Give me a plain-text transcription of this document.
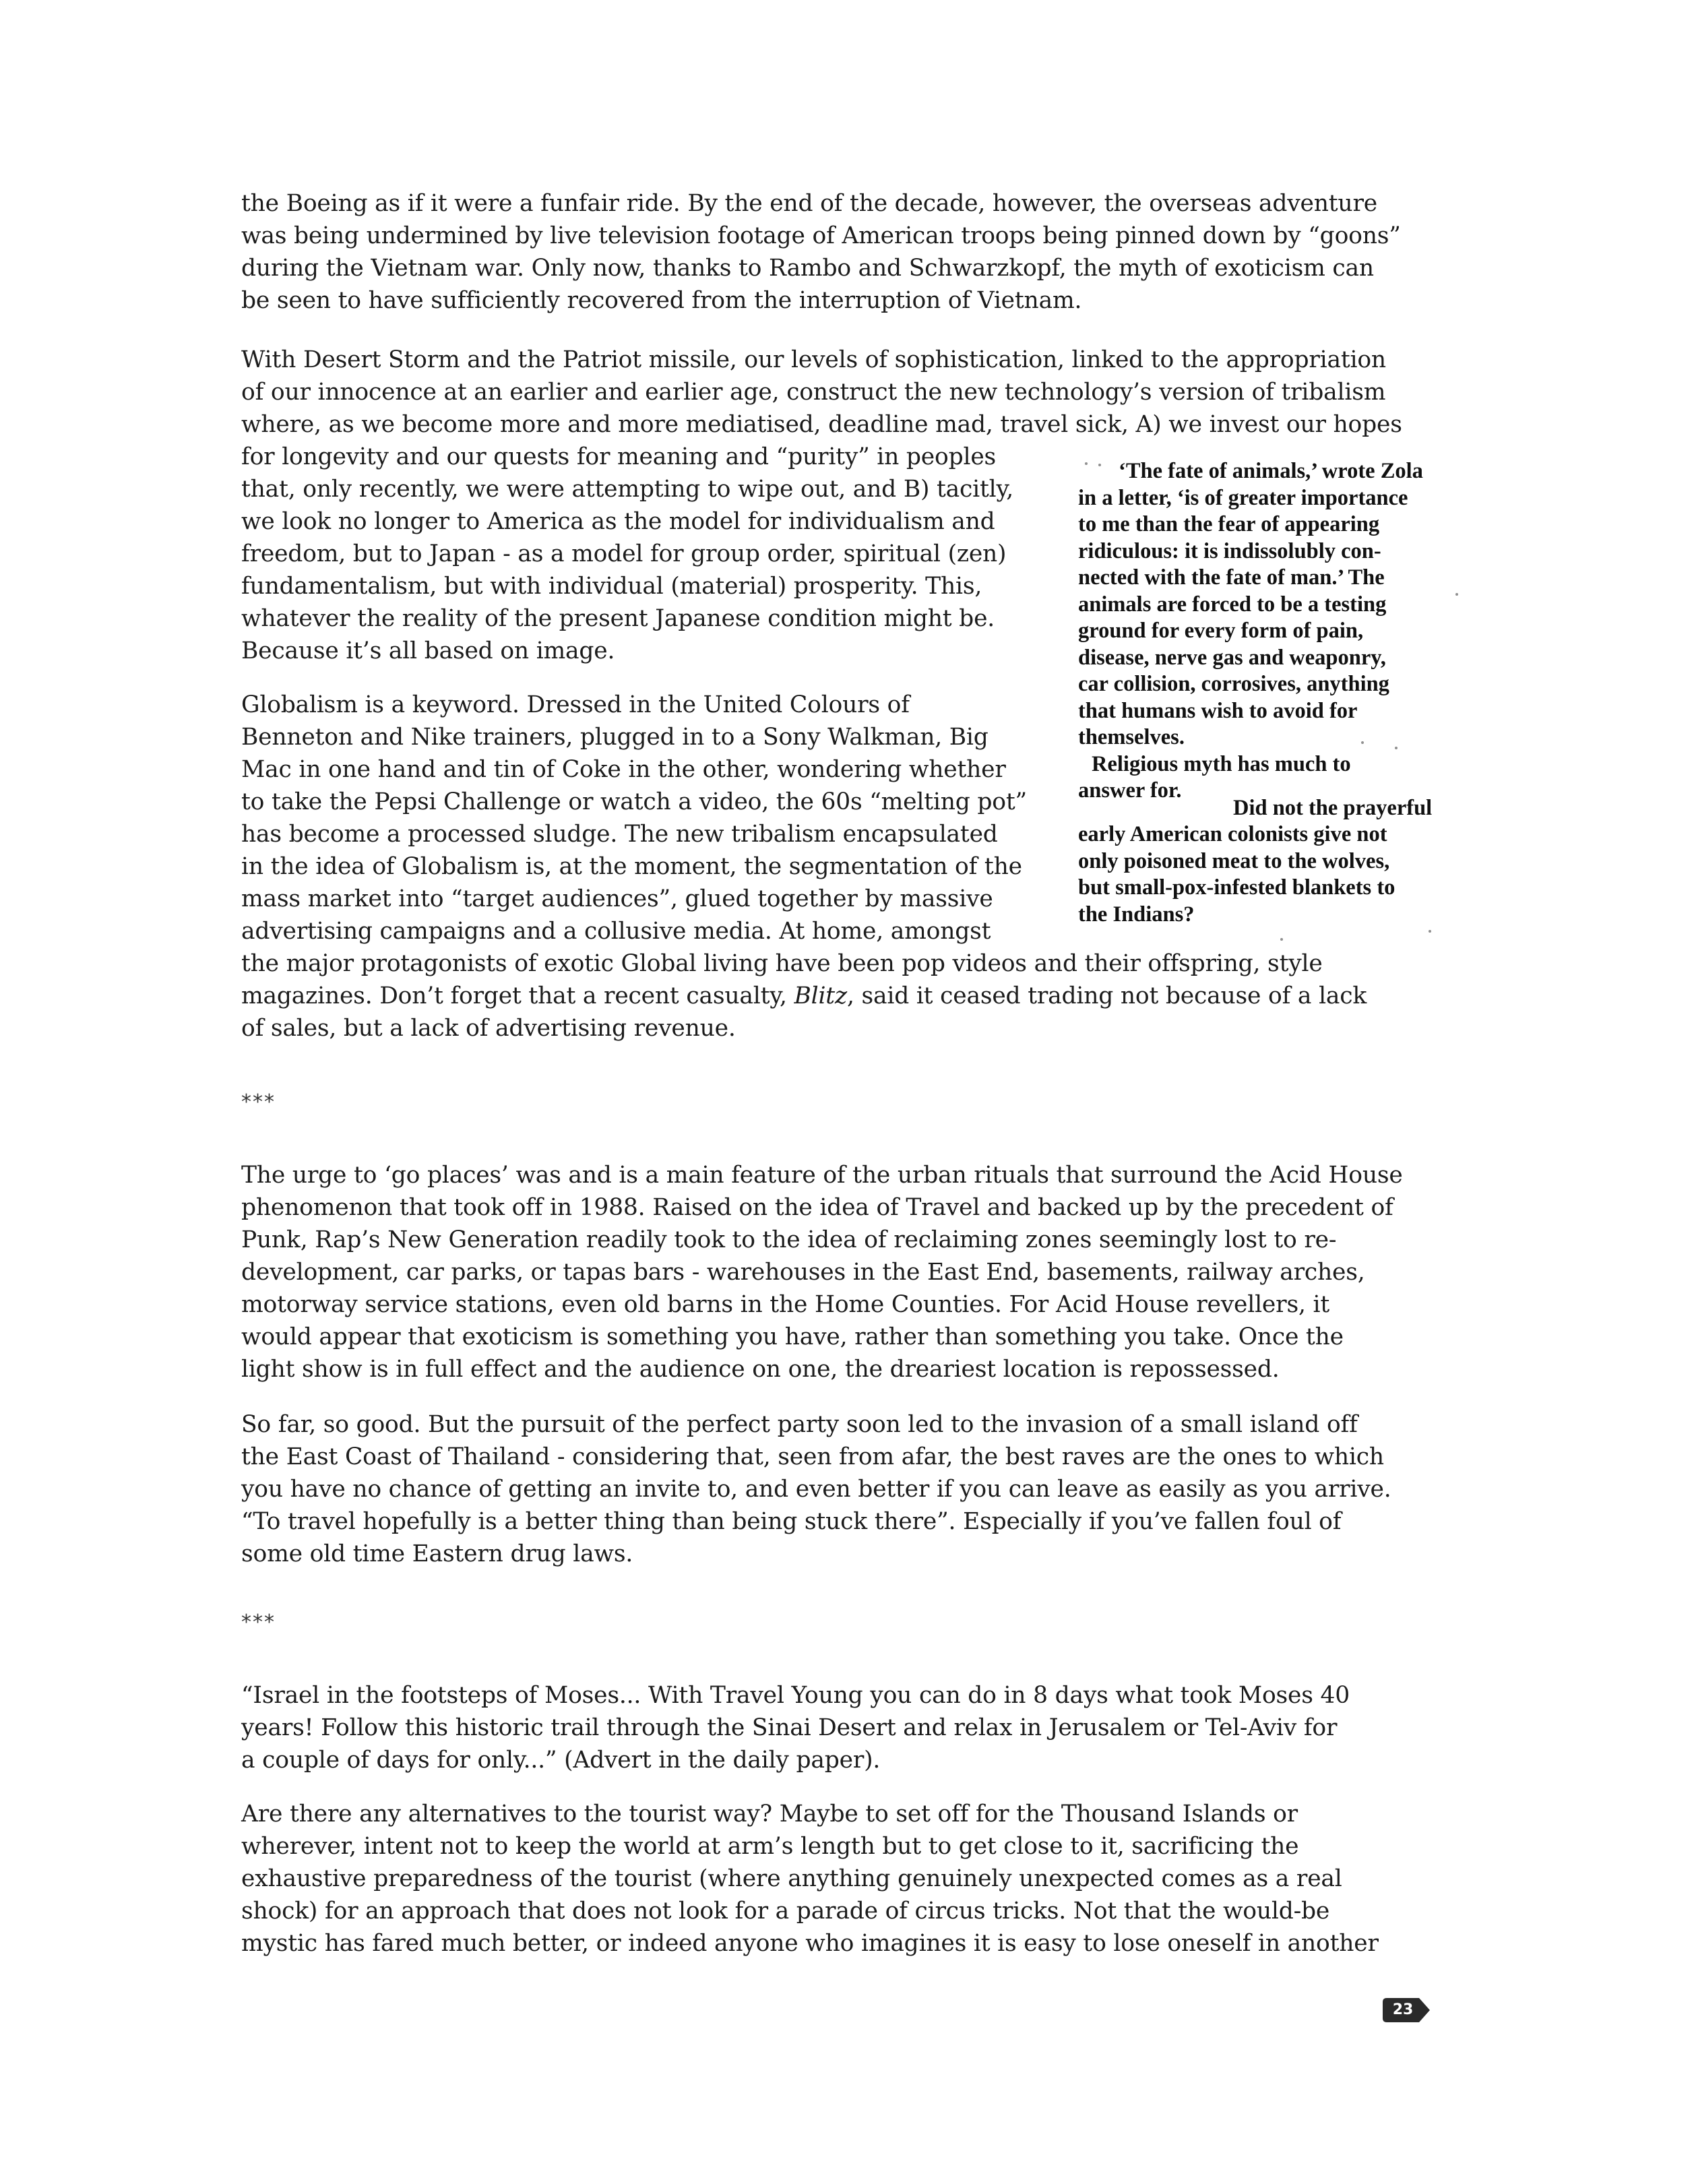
the Boeing as if it were a funfair ride. By the end of the decade, however, the overseas adventure

was being undermined by live television footage of American troops being pinned down by “goons”

during the Vietnam war. Only now, thanks to Rambo and Schwarzkopf, the myth of exoticism can

be seen to have sufficiently recovered from the interruption of Vietnam.

With Desert Storm and the Patriot missile, our levels of sophistication, linked to the appropriation

of our innocence at an earlier and earlier age, construct the new technology’s version of tribalism

where, as we become more and more mediatised, deadline mad, travel sick, A) we invest our hopes

for longevity and our quests for meaning and “purity” in peoples

that, only recently, we were attempting to wipe out, and B) tacitly,

we look no longer to America as the model for individualism and

freedom, but to Japan - as a model for group order, spiritual (zen)

fundamentalism, but with individual (material) prosperity. This,

whatever the reality of the present Japanese condition might be.

Because it’s all based on image.

Globalism is a keyword. Dressed in the United Colours of

Benneton and Nike trainers, plugged in to a Sony Walkman, Big

Mac in one hand and tin of Coke in the other, wondering whether

to take the Pepsi Challenge or watch a video, the 60s “melting pot”

has become a processed sludge. The new tribalism encapsulated

in the idea of Globalism is, at the moment, the segmentation of the

mass market into “target audiences”, glued together by massive

advertising campaigns and a collusive media. At home, amongst

the major protagonists of exotic Global living have been pop videos and their offspring, style

magazines. Don’t forget that a recent casualty, Blitz, said it ceased trading not because of a lack

of sales, but a lack of advertising revenue.

***

The urge to ‘go places’ was and is a main feature of the urban rituals that surround the Acid House

phenomenon that took off in 1988. Raised on the idea of Travel and backed up by the precedent of

Punk, Rap’s New Generation readily took to the idea of reclaiming zones seemingly lost to re-

development, car parks, or tapas bars - warehouses in the East End, basements, railway arches,

motorway service stations, even old barns in the Home Counties. For Acid House revellers, it

would appear that exoticism is something you have, rather than something you take. Once the

light show is in full effect and the audience on one, the dreariest location is repossessed.

So far, so good. But the pursuit of the perfect party soon led to the invasion of a small island off

the East Coast of Thailand - considering that, seen from afar, the best raves are the ones to which

you have no chance of getting an invite to, and even better if you can leave as easily as you arrive.

“To travel hopefully is a better thing than being stuck there”. Especially if you’ve fallen foul of

some old time Eastern drug laws.

***

“Israel in the footsteps of Moses... With Travel Young you can do in 8 days what took Moses 40

years! Follow this historic trail through the Sinai Desert and relax in Jerusalem or Tel-Aviv for

a couple of days for only...” (Advert in the daily paper).

Are there any alternatives to the tourist way? Maybe to set off for the Thousand Islands or

wherever, intent not to keep the world at arm’s length but to get close to it, sacrificing the

exhaustive preparedness of the tourist (where anything genuinely unexpected comes as a real

shock) for an approach that does not look for a parade of circus tricks. Not that the would-be

mystic has fared much better, or indeed anyone who imagines it is easy to lose oneself in another

‘The fate of animals,’ wrote Zola
in a letter, ‘is of greater importance
to me than the fear of appearing
ridiculous: it is indissolubly con-
nected with the fate of man.’ The
animals are forced to be a testing
ground for every form of pain,
disease, nerve gas and weaponry,
car collision, corrosives, anything
that humans wish to avoid for
themselves.
Religious myth has much to
answer for.
Did not the prayerful
early American colonists give not
only poisoned meat to the wolves,
but small-pox-infested blankets to
the Indians?
23
